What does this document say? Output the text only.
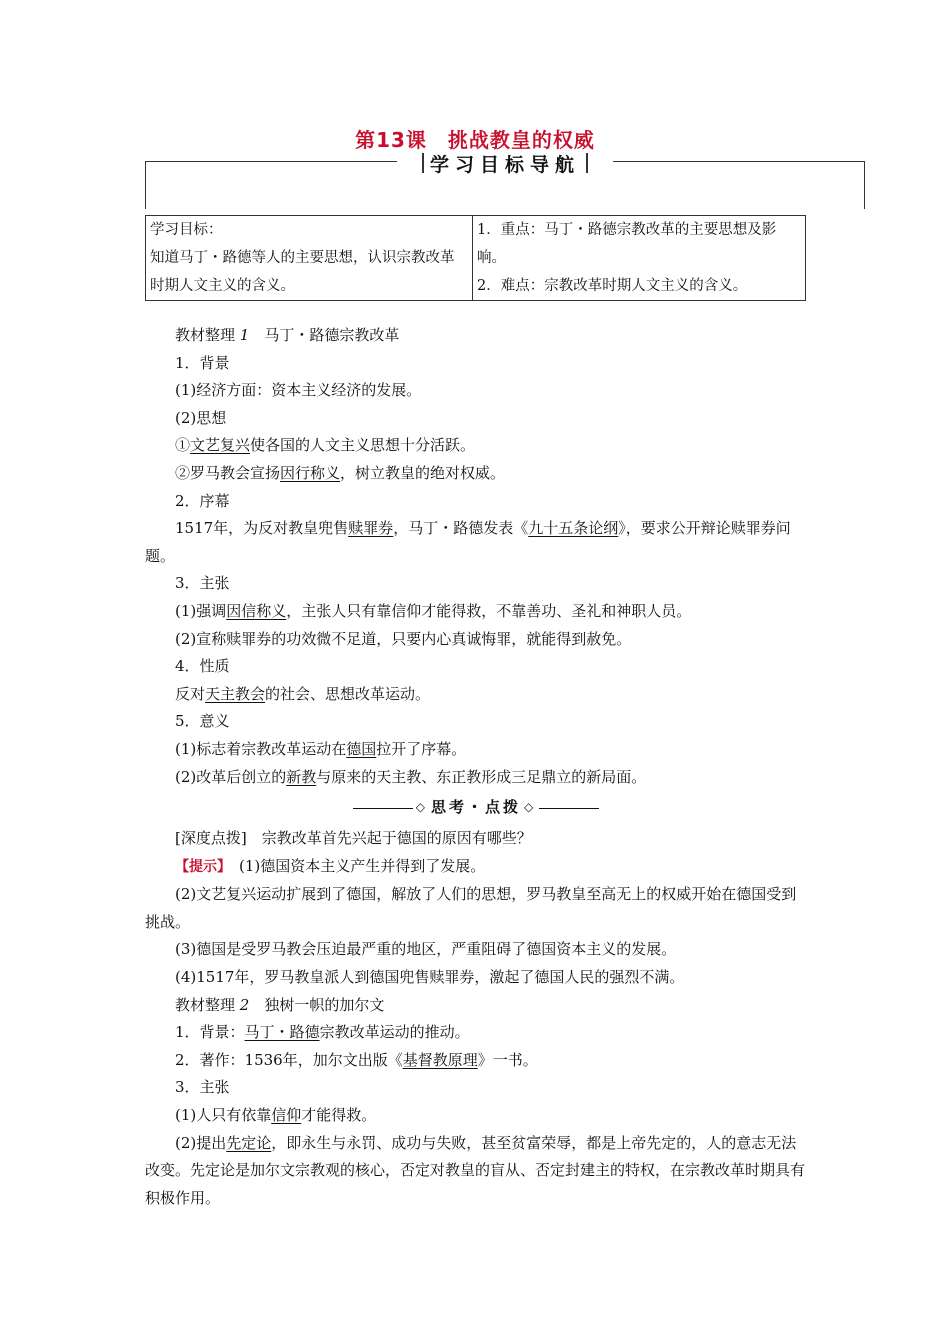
第13课　挑战教皇的权威
学习目标导航
学习目标：
知道马丁・路德等人的主要思想，认识宗教改革时期人文主义的含义。

1．重点：马丁・路德宗教改革的主要思想及影响。
2．难点：宗教改革时期人文主义的含义。

教材整理 1　 马丁・路德宗教改革

1．背景

(1)经济方面：资本主义经济的发展。

(2)思想

①文艺复兴使各国的人文主义思想十分活跃。

②罗马教会宣扬因行称义，树立教皇的绝对权威。

2．序幕

1517年，为反对教皇兜售赎罪券，马丁・路德发表《九十五条论纲》，要求公开辩论赎罪券问题。

3．主张

(1)强调因信称义，主张人只有靠信仰才能得救，不靠善功、圣礼和神职人员。

(2)宣称赎罪券的功效微不足道，只要内心真诚悔罪，就能得到赦免。

4．性质

反对天主教会的社会、思想改革运动。

5．意义

(1)标志着宗教改革运动在德国拉开了序幕。

(2)改革后创立的新教与原来的天主教、东正教形成三足鼎立的新局面。

◇ 思考・点拨 ◇

[深度点拨]　宗教改革首先兴起于德国的原因有哪些？

【提示】　 (1)德国资本主义产生并得到了发展。

(2)文艺复兴运动扩展到了德国，解放了人们的思想，罗马教皇至高无上的权威开始在德国受到挑战。

(3)德国是受罗马教会压迫最严重的地区，严重阻碍了德国资本主义的发展。

(4)1517年，罗马教皇派人到德国兜售赎罪券，激起了德国人民的强烈不满。

教材整理 2　 独树一帜的加尔文

1．背景：马丁・路德宗教改革运动的推动。

2．著作：1536年，加尔文出版《基督教原理》一书。

3．主张

(1)人只有依靠信仰才能得救。

(2)提出先定论，即永生与永罚、成功与失败，甚至贫富荣辱，都是上帝先定的，人的意志无法改变。先定论是加尔文宗教观的核心，否定对教皇的盲从、否定封建主的特权，在宗教改革时期具有积极作用。
